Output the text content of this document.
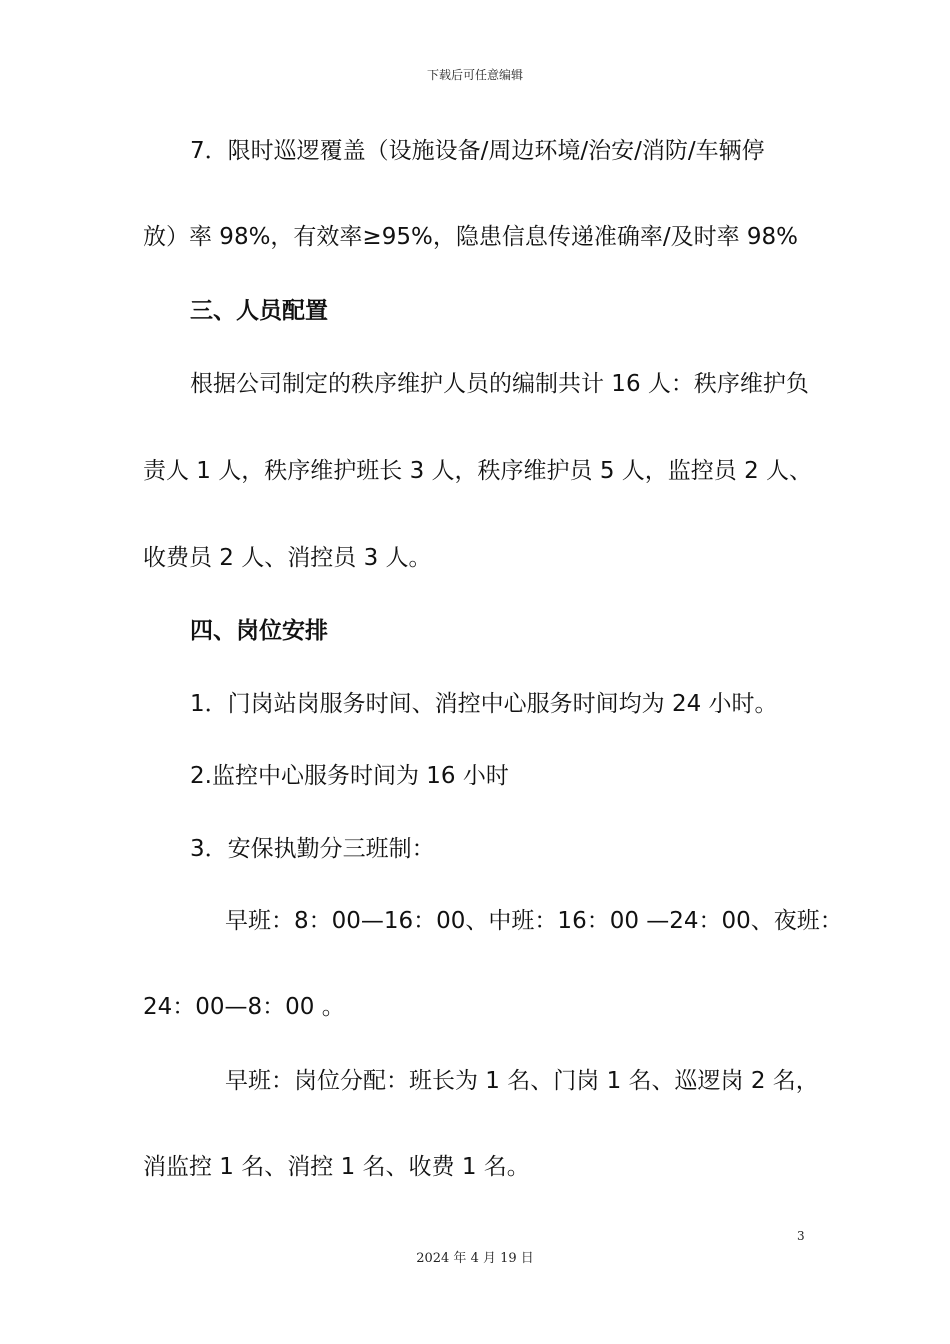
下载后可任意编辑
7．限时巡逻覆盖（设施设备/周边环境/治安/消防/车辆停
放）率 98%，有效率≥95%，隐患信息传递准确率/及时率 98%
三、人员配置
根据公司制定的秩序维护人员的编制共计 16 人：秩序维护负
责人 1 人，秩序维护班长 3 人，秩序维护员 5 人，监控员 2 人、
收费员 2 人、消控员 3 人。
四、岗位安排
1．门岗站岗服务时间、消控中心服务时间均为 24 小时。
2.监控中心服务时间为 16 小时
3．安保执勤分三班制：
早班：8：00—16：00、中班：16：00 —24：00、夜班：
24：00—8：00 。
早班：岗位分配：班长为 1 名、门岗 1 名、巡逻岗 2 名，
消监控 1 名、消控 1 名、收费 1 名。
3
2024 年 4 月 19 日
